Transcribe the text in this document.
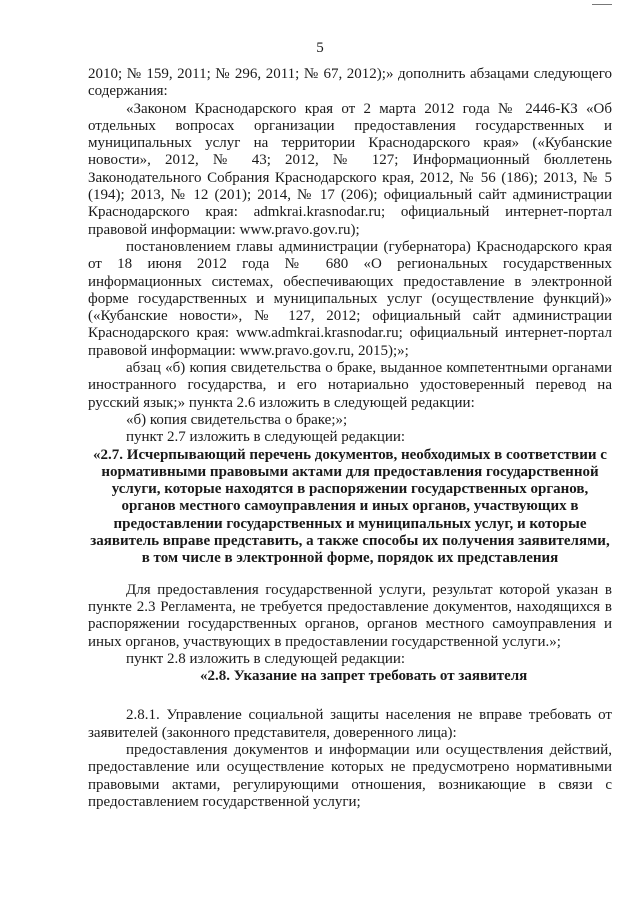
5

2010; № 159, 2011; № 296, 2011; № 67, 2012);» дополнить абзацами следующего содержания:

«Законом Краснодарского края от 2 марта 2012 года № 2446-КЗ «Об отдельных вопросах организации предоставления государственных и муниципальных услуг на территории Краснодарского края» («Кубанские новости», 2012, № 43; 2012, № 127; Информационный бюллетень Законодательного Собрания Краснодарского края, 2012, № 56 (186); 2013, № 5 (194); 2013, № 12 (201); 2014, № 17 (206); официальный сайт администрации Краснодарского края: admkrai.krasnodar.ru; официальный интернет-портал правовой информации: www.pravo.gov.ru);

постановлением главы администрации (губернатора) Краснодарского края от 18 июня 2012 года № 680 «О региональных государственных информационных системах, обеспечивающих предоставление в электронной форме государственных и муниципальных услуг (осуществление функций)» («Кубанские новости», № 127, 2012; официальный сайт администрации Краснодарского края: www.admkrai.krasnodar.ru; официальный интернет-портал правовой информации: www.pravo.gov.ru, 2015);»;

абзац «б) копия свидетельства о браке, выданное компетентными органами иностранного государства, и его нотариально удостоверенный перевод на русский язык;» пункта 2.6 изложить в следующей редакции:

«б) копия свидетельства о браке;»;

пункт 2.7 изложить в следующей редакции:

«2.7. Исчерпывающий перечень документов, необходимых в соответствии с нормативными правовыми актами для предоставления государственной услуги, которые находятся в распоряжении государственных органов, органов местного самоуправления и иных органов, участвующих в предоставлении государственных и муниципальных услуг, и которые заявитель вправе представить, а также способы их получения заявителями, в том числе в электронной форме, порядок их представления

Для предоставления государственной услуги, результат которой указан в пункте 2.3 Регламента, не требуется предоставление документов, находящихся в распоряжении государственных органов, органов местного самоуправления и иных органов, участвующих в предоставлении государственной услуги.»;

пункт 2.8 изложить в следующей редакции:

«2.8. Указание на запрет требовать от заявителя

2.8.1. Управление социальной защиты населения не вправе требовать от заявителей (законного представителя, доверенного лица):

предоставления документов и информации или осуществления действий, предоставление или осуществление которых не предусмотрено нормативными правовыми актами, регулирующими отношения, возникающие в связи с предоставлением государственной услуги;
